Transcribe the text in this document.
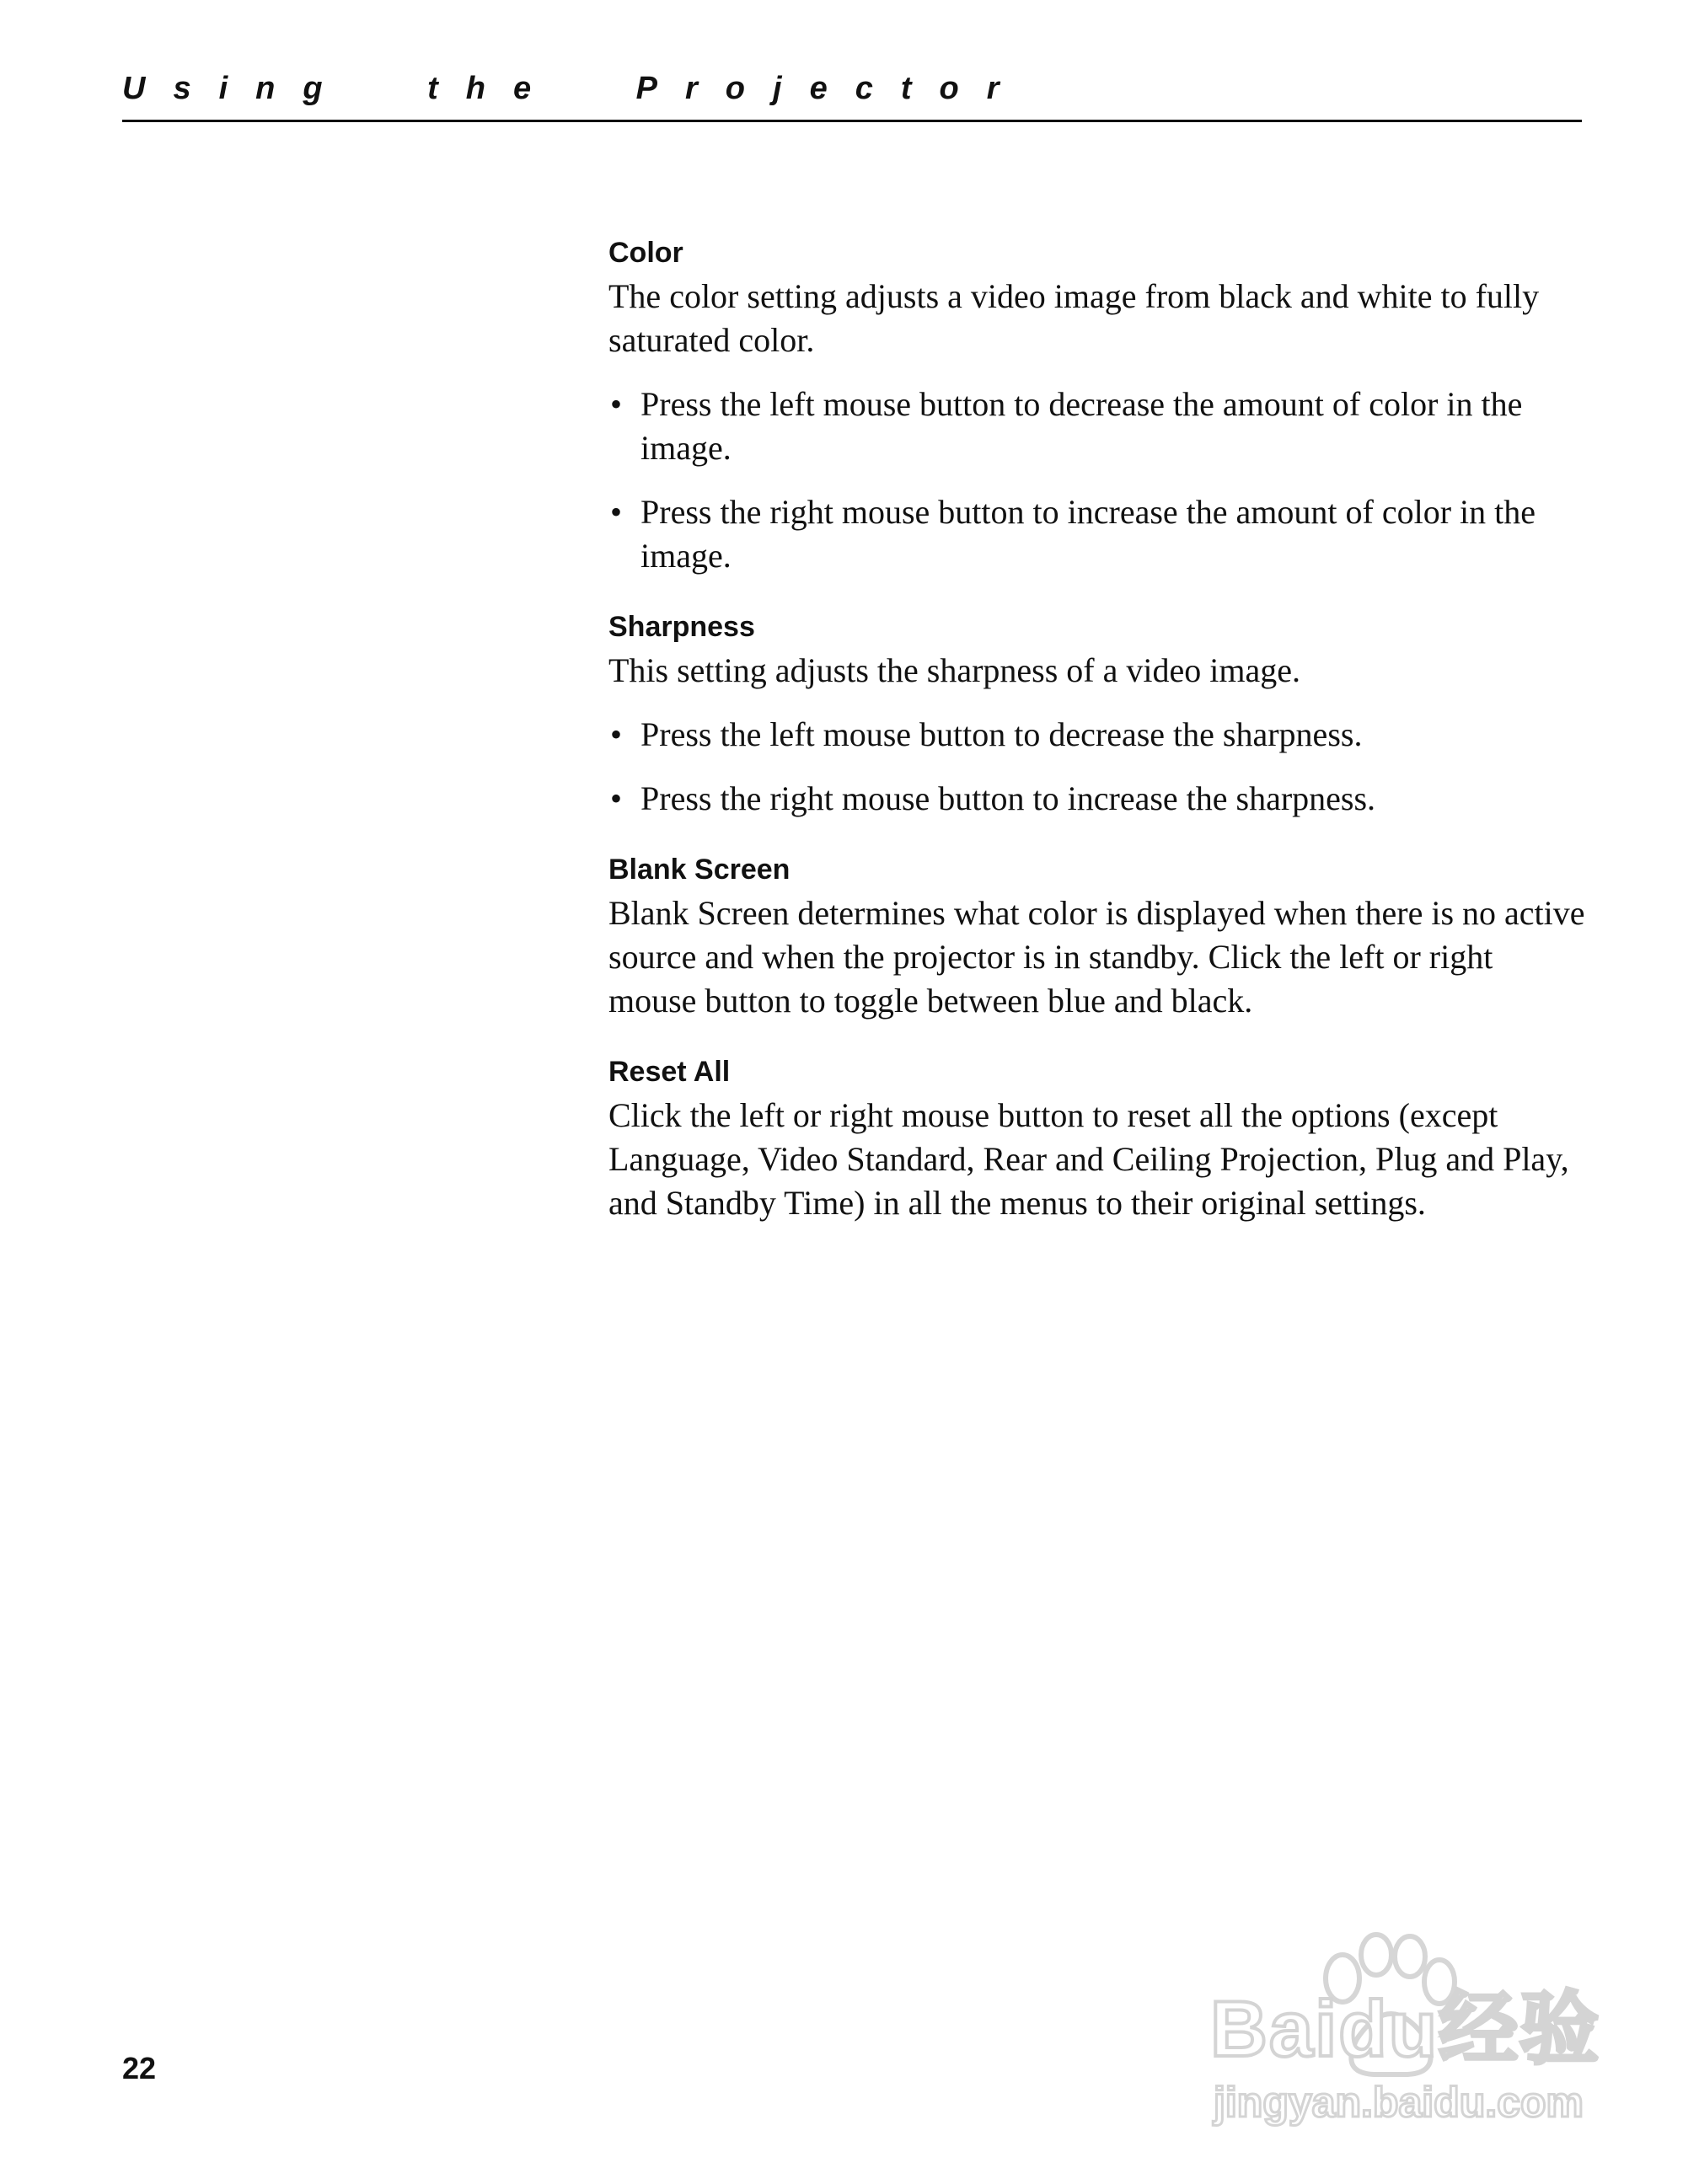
Using the Projector
Color

The color setting adjusts a video image from black and white to fully saturated color.

• Press the left mouse button to decrease the amount of color in the image.
• Press the right mouse button to increase the amount of color in the image.
Sharpness

This setting adjusts the sharpness of a video image.

• Press the left mouse button to decrease the sharpness.
• Press the right mouse button to increase the sharpness.
Blank Screen

Blank Screen determines what color is displayed when there is no active source and when the projector is in standby. Click the left or right mouse button to toggle between blue and black.

Reset All

Click the left or right mouse button to reset all the options (except Language, Video Standard, Rear and Ceiling Projection, Plug and Play, and Standby Time) in all the menus to their original settings.

22	Baidu经验
jingyan.baidu.com
